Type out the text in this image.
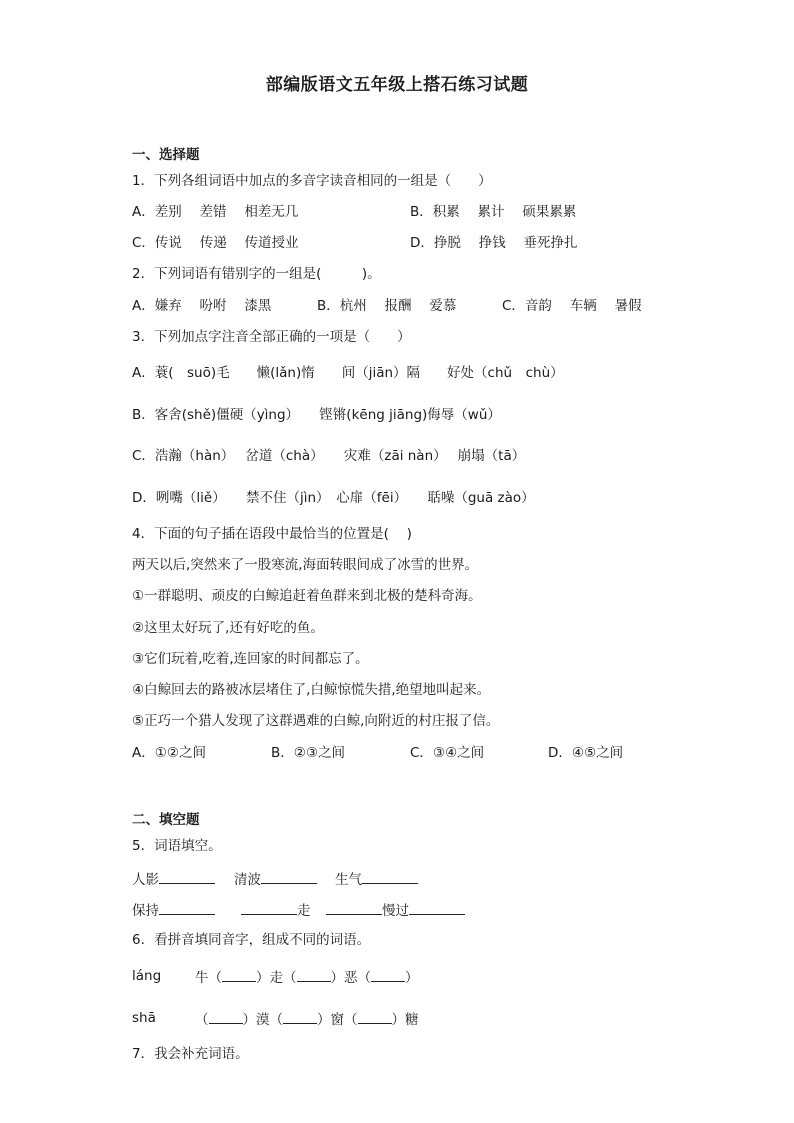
部编版语文五年级上搭石练习试题
一、选择题
1．下列各组词语中加点的多音字读音相同的一组是（　　）
A．差别　 差错　 相差无几	B．积累　 累计　 硕果累累
C．传说　 传递　 传道授业	D．挣脱　 挣钱　 垂死挣扎
2．下列词语有错别字的一组是(　　　)。
A．嫌弃　 吩咐　 漆黑	B．杭州　 报酬　 爱慕	C．音韵　 车辆　 暑假
3．下列加点字注音全部正确的一项是（　　）
A．蓑(　suō)毛　　懒(lǎn)惰　　间（jiān）隔　　好处（chǔ　chù）
B．客舍(shě)僵硬（yìng）　　铿锵(kēng jiāng)侮辱（wǔ）
C．浩瀚（hàn）　 岔道（chà）　　灾难（zāi nàn）　 崩塌（tā）
D．咧嘴（liě）　　禁不住（jìn）　心扉（fēi）　　聒噪（guā zào）
4．下面的句子插在语段中最恰当的位置是(　 )
两天以后,突然来了一股寒流,海面转眼间成了冰雪的世界。
①一群聪明、顽皮的白鲸追赶着鱼群来到北极的楚科奇海。
②这里太好玩了,还有好吃的鱼。
③它们玩着,吃着,连回家的时间都忘了。
④白鲸回去的路被冰层堵住了,白鲸惊慌失措,绝望地叫起来。
⑤正巧一个猎人发现了这群遇难的白鲸,向附近的村庄报了信。
A．①②之间	B．②③之间	C．③④之间	D．④⑤之间
二、填空题
5．词语填空。
人影	清波	生气
保持	走	慢过
6．看拼音填同音字，组成不同的词语。
láng	牛（	）走（	）恶（	）
shā	（	）漠（	）窗（	）糖
7．我会补充词语。
